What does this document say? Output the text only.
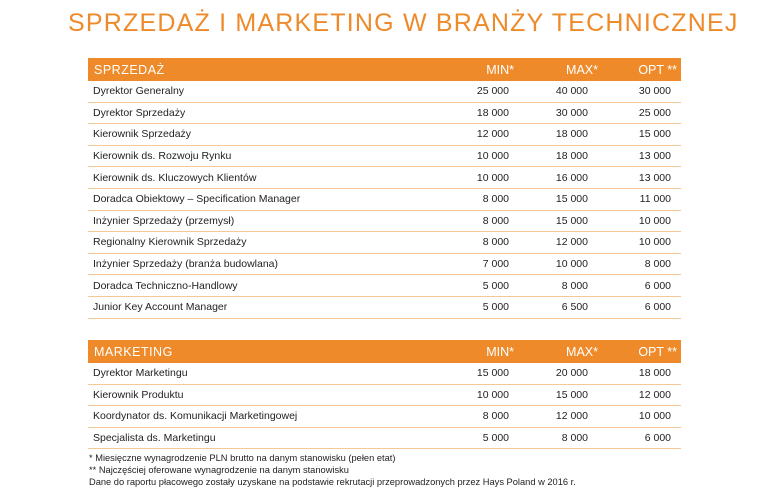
SPRZEDAŻ I MARKETING W BRANŻY TECHNICZNEJ
SPRZEDAŻ	MIN*	MAX*	OPT **
Dyrektor Generalny	25 000	40 000	30 000
Dyrektor Sprzedaży	18 000	30 000	25 000
Kierownik Sprzedaży	12 000	18 000	15 000
Kierownik ds. Rozwoju Rynku	10 000	18 000	13 000
Kierownik ds. Kluczowych Klientów	10 000	16 000	13 000
Doradca Obiektowy – Specification Manager	8 000	15 000	11 000
Inżynier Sprzedaży (przemysł)	8 000	15 000	10 000
Regionalny Kierownik Sprzedaży	8 000	12 000	10 000
Inżynier Sprzedaży (branża budowlana)	7 000	10 000	8 000
Doradca Techniczno-Handlowy	5 000	8 000	6 000
Junior Key Account Manager	5 000	6 500	6 000
MARKETING	MIN*	MAX*	OPT **
Dyrektor Marketingu	15 000	20 000	18 000
Kierownik Produktu	10 000	15 000	12 000
Koordynator ds. Komunikacji Marketingowej	8 000	12 000	10 000
Specjalista ds. Marketingu	5 000	8 000	6 000
* Miesięczne wynagrodzenie PLN brutto na danym stanowisku (pełen etat)
** Najczęściej oferowane wynagrodzenie na danym stanowisku
Dane do raportu płacowego zostały uzyskane na podstawie rekrutacji przeprowadzonych przez Hays Poland w 2016 r.
